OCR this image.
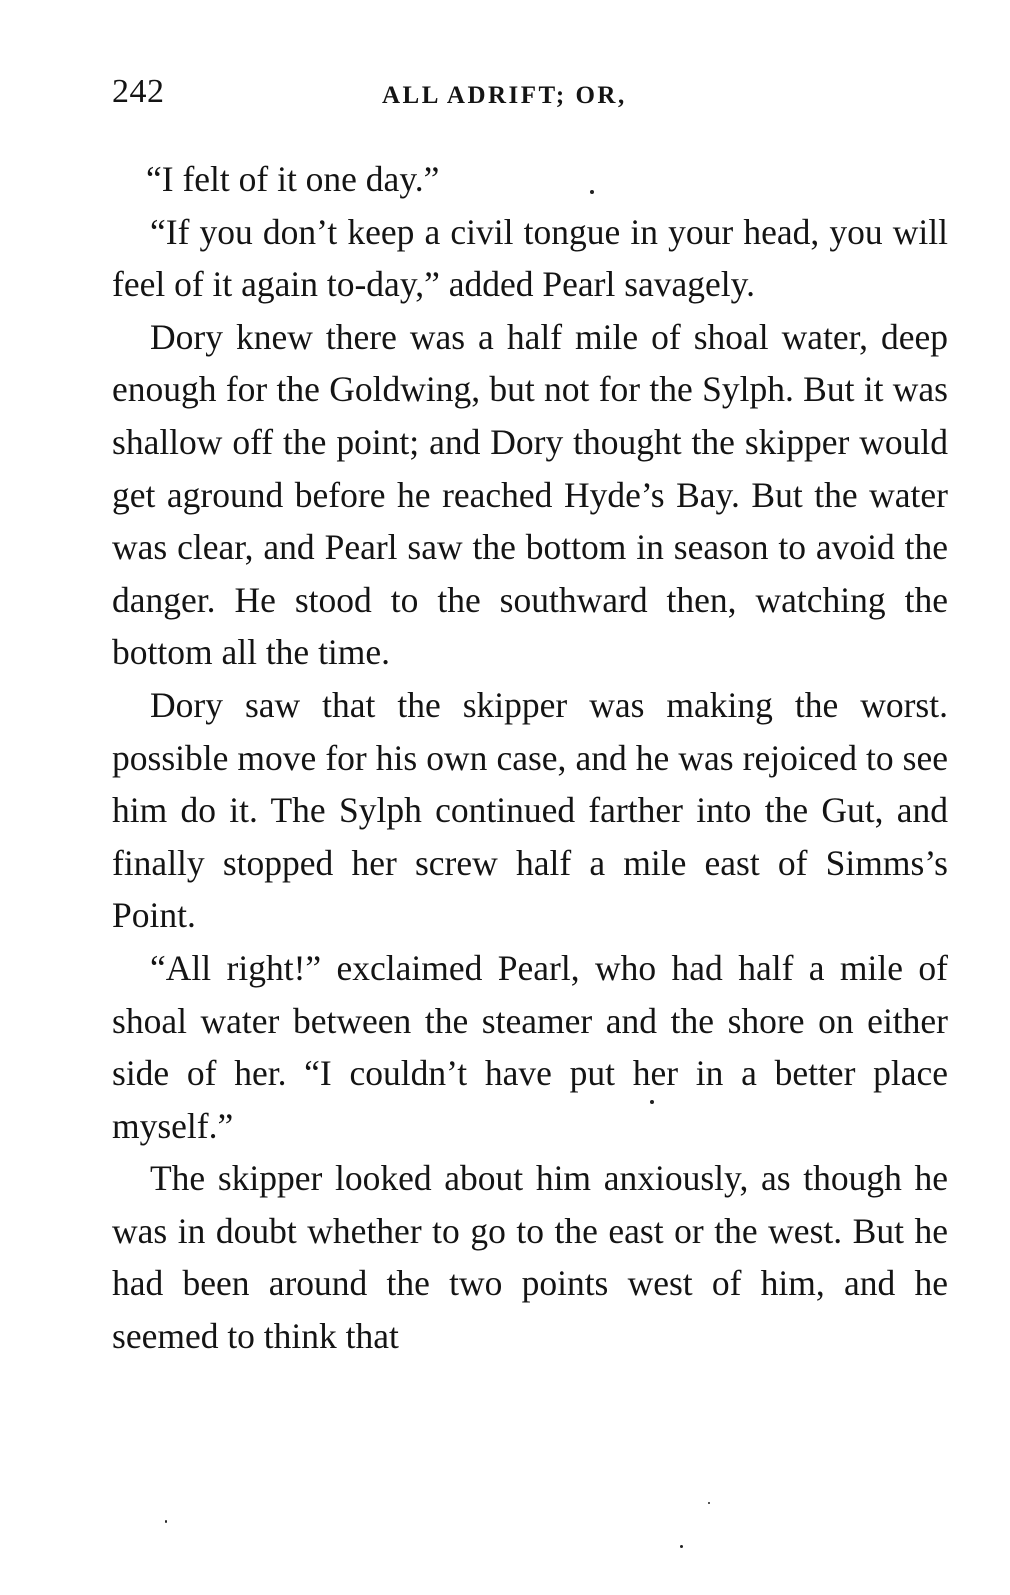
242	ALL ADRIFT; OR,

“I felt of it one day.”

“If you don’t keep a civil tongue in your head, you will feel of it again to-day,” added Pearl savagely.

Dory knew there was a half mile of shoal water, deep enough for the Goldwing, but not for the Sylph. But it was shallow off the point; and Dory thought the skipper would get aground before he reached Hyde’s Bay. But the water was clear, and Pearl saw the bottom in season to avoid the danger. He stood to the southward then, watching the bottom all the time.

Dory saw that the skipper was making the worst. possible move for his own case, and he was rejoiced to see him do it. The Sylph continued farther into the Gut, and finally stopped her screw half a mile east of Simms’s Point.

“All right!” exclaimed Pearl, who had half a mile of shoal water between the steamer and the shore on either side of her. “I couldn’t have put her in a better place myself.”

The skipper looked about him anxiously, as though he was in doubt whether to go to the east or the west. But he had been around the two points west of him, and he seemed to think that
